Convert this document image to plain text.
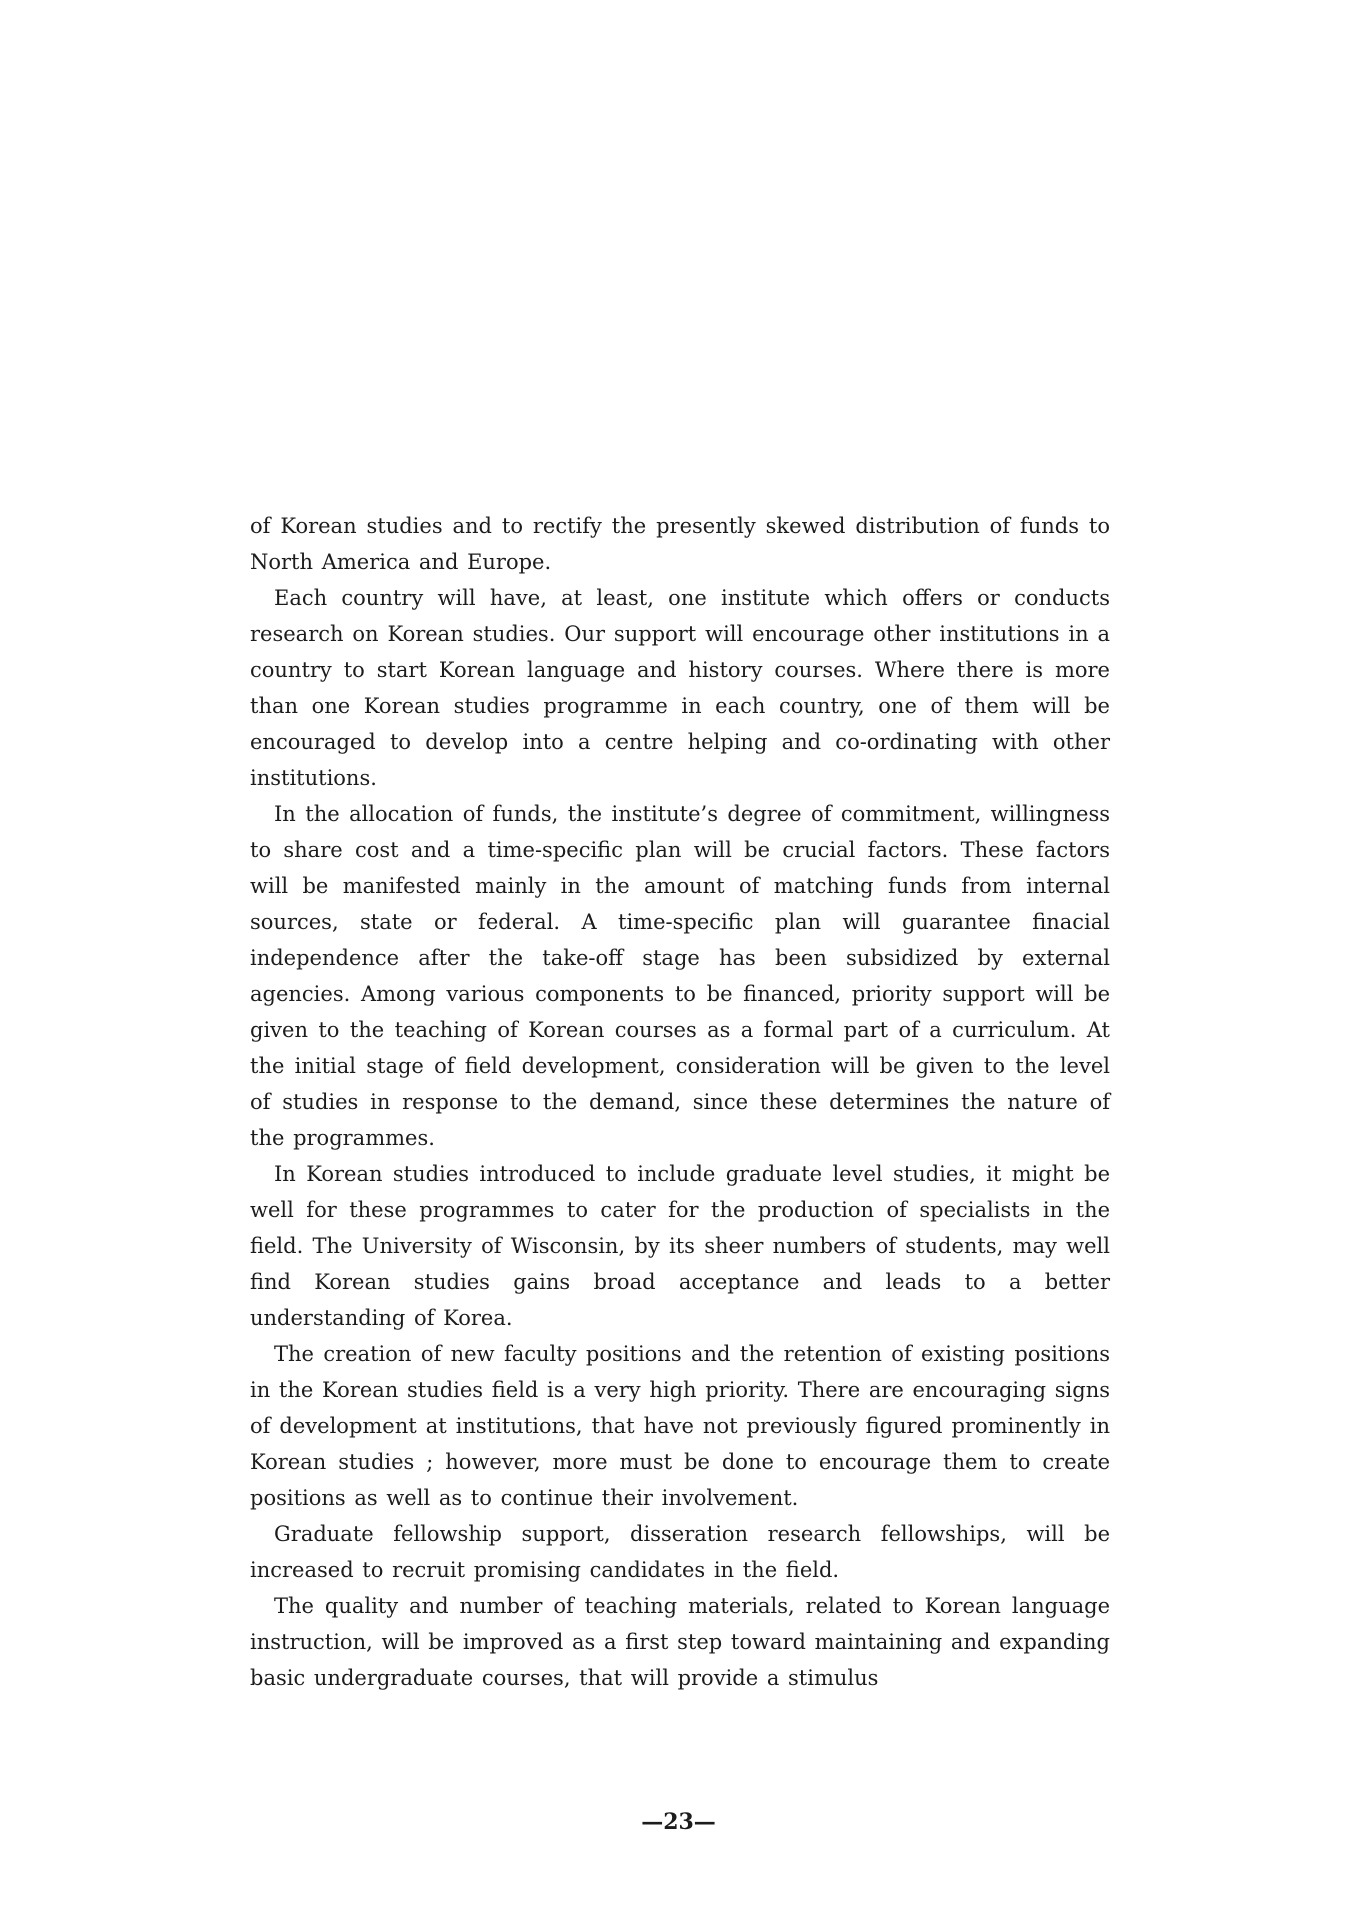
of Korean studies and to rectify the presently skewed distribution of funds to North America and Europe.

Each country will have, at least, one institute which offers or conducts research on Korean studies. Our support will encourage other institutions in a country to start Korean language and history courses. Where there is more than one Korean studies programme in each country, one of them will be encouraged to develop into a centre helping and co-ordinating with other institutions.

In the allocation of funds, the institute’s degree of commitment, willingness to share cost and a time-specific plan will be crucial factors. These factors will be manifested mainly in the amount of matching funds from internal sources, state or federal. A time-specific plan will guarantee finacial independence after the take-off stage has been subsidized by external agencies. Among various components to be financed, priority support will be given to the teaching of Korean courses as a formal part of a curriculum. At the initial stage of field development, consideration will be given to the level of studies in response to the demand, since these determines the nature of the programmes.

In Korean studies introduced to include graduate level studies, it might be well for these programmes to cater for the production of specialists in the field. The University of Wisconsin, by its sheer numbers of students, may well find Korean studies gains broad acceptance and leads to a better understanding of Korea.

The creation of new faculty positions and the retention of existing positions in the Korean studies field is a very high priority. There are encouraging signs of development at institutions, that have not previously figured prominently in Korean studies ; however, more must be done to encourage them to create positions as well as to continue their involvement.

Graduate fellowship support, disseration research fellowships, will be increased to recruit promising candidates in the field.

The quality and number of teaching materials, related to Korean language instruction, will be improved as a first step toward maintaining and expanding basic undergraduate courses, that will provide a stimulus

—23—
